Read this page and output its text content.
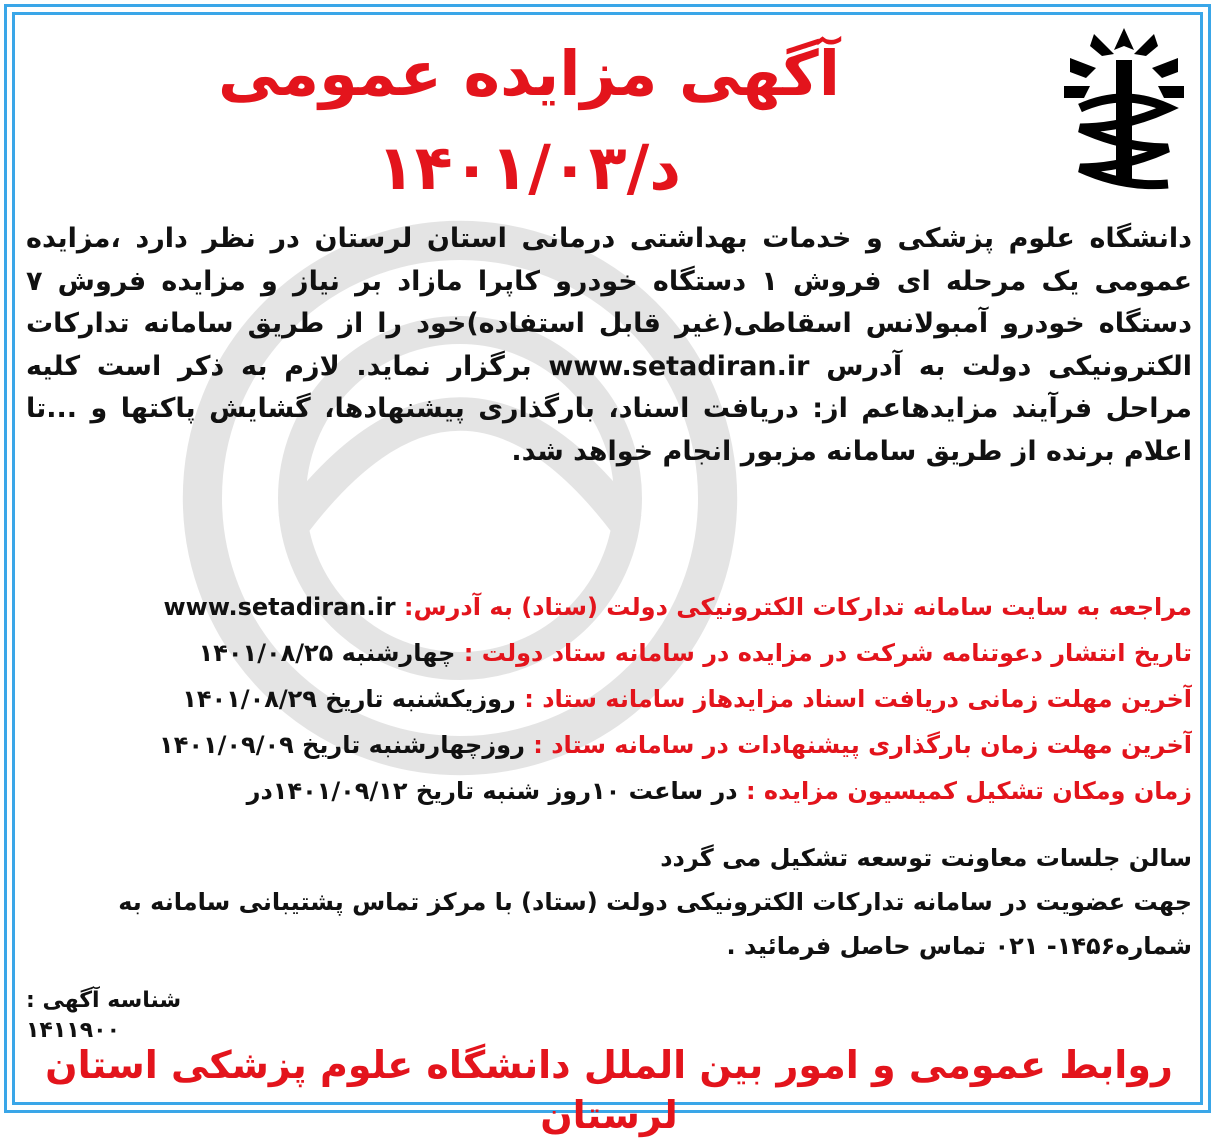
آگهی مزایده عمومی
د/۱۴۰۱/۰۳
دانشگاه علوم پزشکی و خدمات بهداشتی درمانی استان لرستان در نظر دارد ،مزایده عمومی یک مرحله ای فروش ۱ دستگاه خودرو کاپرا مازاد بر نیاز و مزایده فروش ۷ دستگاه خودرو آمبولانس اسقاطی(غیر قابل استفاده)خود را از طریق سامانه تدارکات الکترونیکی دولت به آدرس www.setadiran.ir برگزار نماید. لازم به ذکر است کلیه مراحل فرآیند مزایدهاعم از: دریافت اسناد، بارگذاری پیشنهادها، گشایش پاکتها و ...تا اعلام برنده از طریق سامانه مزبور انجام خواهد شد.
مراجعه به سایت سامانه تدارکات الکترونیکی دولت (ستاد) به آدرس: www.setadiran.ir
تاریخ انتشار دعوتنامه شرکت در مزایده در سامانه ستاد دولت : چهارشنبه ۱۴۰۱/۰۸/۲۵
آخرین مهلت زمانی دریافت اسناد مزایدهاز سامانه ستاد : روزیکشنبه تاریخ ۱۴۰۱/۰۸/۲۹
آخرین مهلت زمان بارگذاری پیشنهادات در سامانه ستاد : روزچهارشنبه تاریخ ۱۴۰۱/۰۹/۰۹
زمان ومکان تشکیل کمیسیون مزایده : در ساعت ۱۰روز شنبه تاریخ ۱۴۰۱/۰۹/۱۲در
سالن جلسات معاونت توسعه تشکیل می گردد
جهت عضویت در سامانه تدارکات الکترونیکی دولت (ستاد) با مرکز تماس پشتیبانی سامانه به شماره۱۴۵۶- ۰۲۱ تماس حاصل فرمائید .
شناسه آگهی :
۱۴۱۱۹۰۰
روابط عمومی و امور بین الملل دانشگاه علوم پزشکی استان لرستان
